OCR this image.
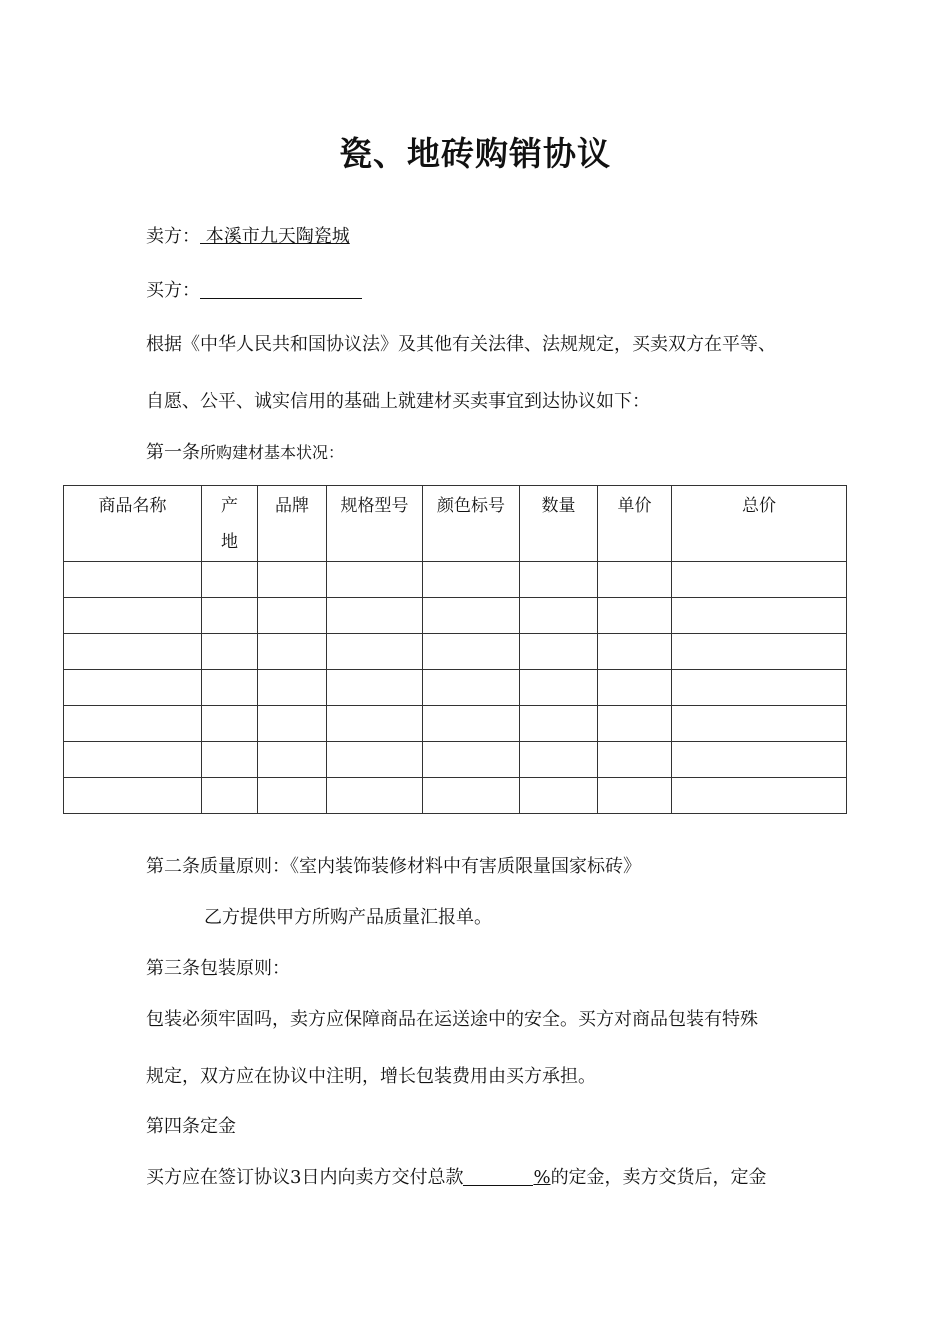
瓷、地砖购销协议
卖方： 本溪市九天陶瓷城
买方：
根据《中华人民共和国协议法》及其他有关法律、法规规定，买卖双方在平等、
自愿、公平、诚实信用的基础上就建材买卖事宜到达协议如下：
第一条所购建材基本状况：
商品名称	产地	品牌	规格型号	颜色标号	数量	单价	总价

第二条质量原则：《室内装饰装修材料中有害质限量国家标砖》
乙方提供甲方所购产品质量汇报单。
第三条包装原则：
包装必须牢固吗，卖方应保障商品在运送途中的安全。买方对商品包装有特殊
规定，双方应在协议中注明，增长包装费用由买方承担。
第四条定金
买方应在签订协议3日内向卖方交付总款	%的定金，卖方交货后，定金
